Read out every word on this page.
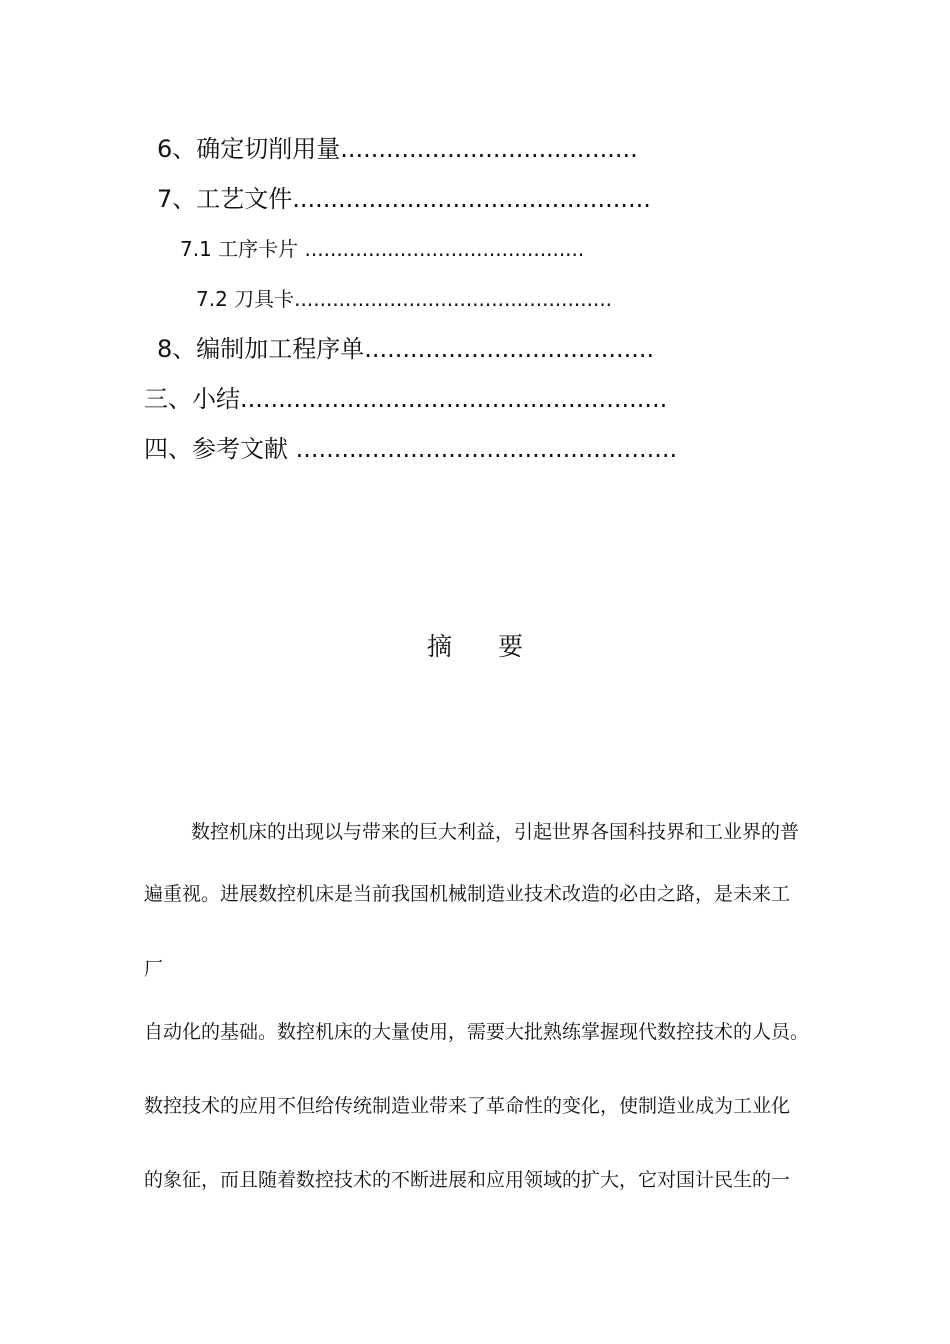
6、确定切削用量.......................................
7、工艺文件...............................................
7.1 工序卡片 ............................................
7.2 刀具卡..................................................
8、编制加工程序单......................................
三、小结........................................................
四、参考文献 ..................................................
摘 要
数控机床的出现以与带来的巨大利益，引起世界各国科技界和工业界的普
遍重视。进展数控机床是当前我国机械制造业技术改造的必由之路，是未来工
厂
自动化的基础。数控机床的大量使用，需要大批熟练掌握现代数控技术的人员。
数控技术的应用不但给传统制造业带来了革命性的变化，使制造业成为工业化
的象征，而且随着数控技术的不断进展和应用领域的扩大，它对国计民生的一
